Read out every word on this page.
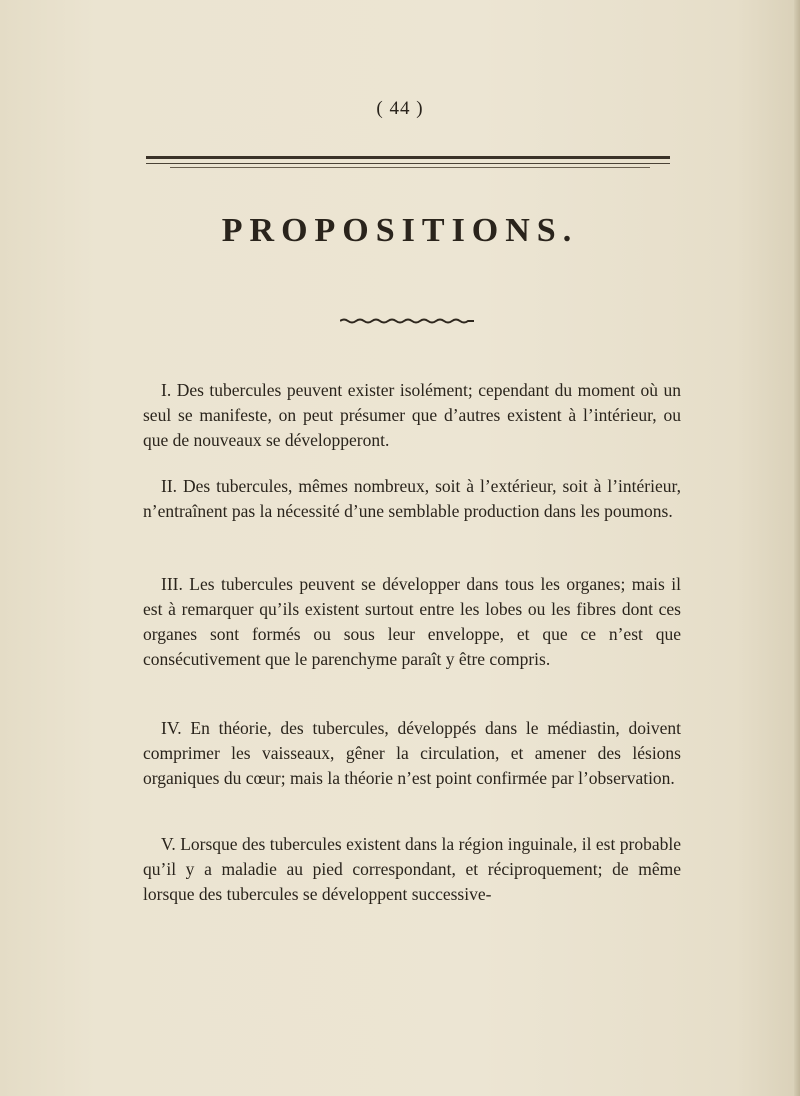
( 44 )
PROPOSITIONS.

I. Des tubercules peuvent exister isolément; cependant du moment où un seul se manifeste, on peut présumer que d’autres existent à l’intérieur, ou que de nouveaux se développeront.

II. Des tubercules, mêmes nombreux, soit à l’extérieur, soit à l’intérieur, n’entraînent pas la nécessité d’une semblable production dans les poumons.

III. Les tubercules peuvent se développer dans tous les organes; mais il est à remarquer qu’ils existent surtout entre les lobes ou les fibres dont ces organes sont formés ou sous leur enveloppe, et que ce n’est que consécutivement que le parenchyme paraît y être compris.

IV. En théorie, des tubercules, développés dans le médiastin, doivent comprimer les vaisseaux, gêner la circulation, et amener des lésions organiques du cœur; mais la théorie n’est point confirmée par l’observation.

V. Lorsque des tubercules existent dans la région inguinale, il est probable qu’il y a maladie au pied correspondant, et réciproquement; de même lorsque des tubercules se développent successive-
